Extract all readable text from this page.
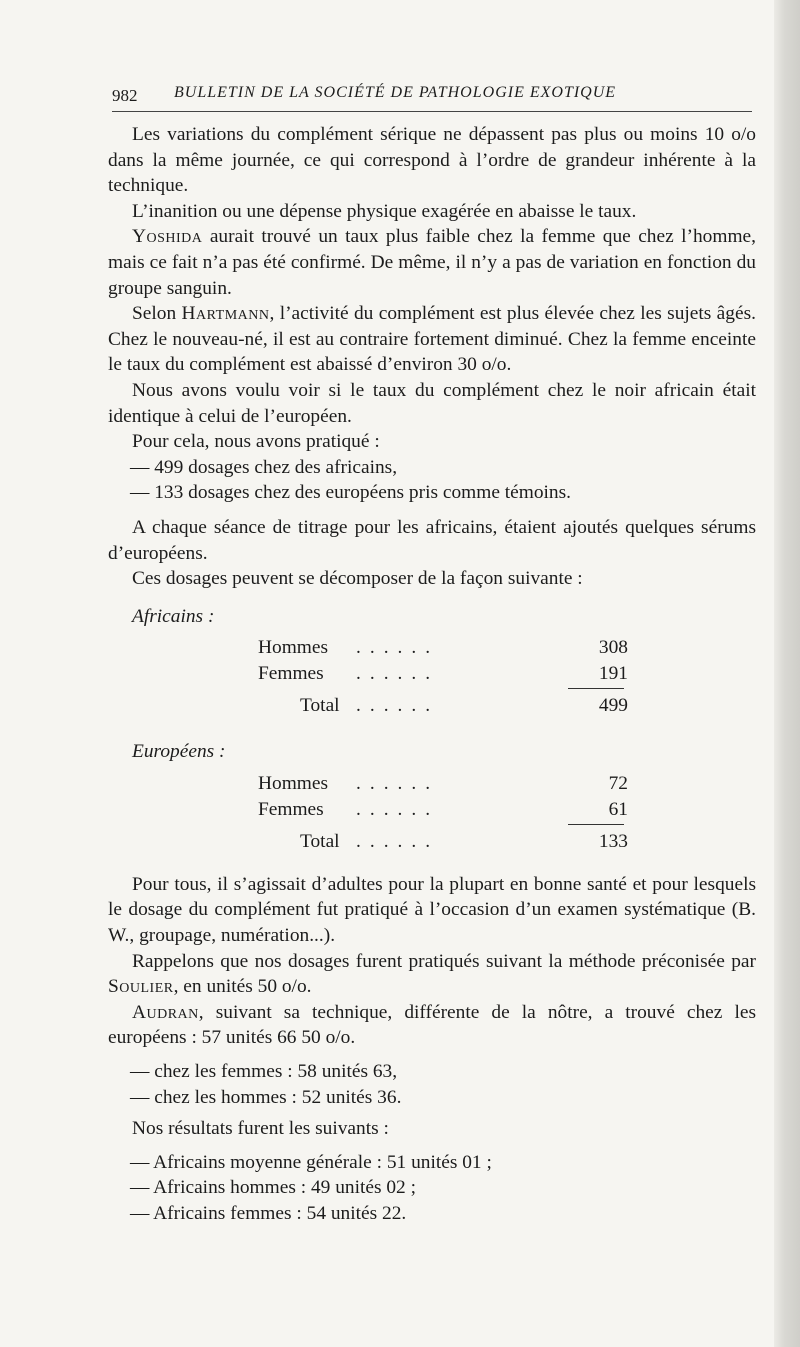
982 BULLETIN DE LA SOCIÉTÉ DE PATHOLOGIE EXOTIQUE

Les variations du complément sérique ne dépassent pas plus ou moins 10 o/o dans la même journée, ce qui correspond à l’ordre de grandeur inhérente à la technique.

L’inanition ou une dépense physique exagérée en abaisse le taux.

Yoshida aurait trouvé un taux plus faible chez la femme que chez l’homme, mais ce fait n’a pas été confirmé. De même, il n’y a pas de variation en fonction du groupe sanguin.

Selon Hartmann, l’activité du complément est plus élevée chez les sujets âgés. Chez le nouveau-né, il est au contraire fortement diminué. Chez la femme enceinte le taux du complément est abaissé d’environ 30 o/o.

Nous avons voulu voir si le taux du complément chez le noir africain était identique à celui de l’européen.

Pour cela, nous avons pratiqué :

— 499 dosages chez des africains,

— 133 dosages chez des européens pris comme témoins.

A chaque séance de titrage pour les africains, étaient ajoutés quelques sérums d’européens.

Ces dosages peuvent se décomposer de la façon suivante :

Africains :
Hommes ......	308
Femmes ......	191
Total ......	499
Européens :
Hommes ......	72
Femmes ......	61
Total ......	133

Pour tous, il s’agissait d’adultes pour la plupart en bonne santé et pour lesquels le dosage du complément fut pratiqué à l’occasion d’un examen systématique (B. W., groupage, numération...).

Rappelons que nos dosages furent pratiqués suivant la méthode préconisée par Soulier, en unités 50 o/o.

Audran, suivant sa technique, différente de la nôtre, a trouvé chez les européens : 57 unités 66 50 o/o.

— chez les femmes : 58 unités 63,

— chez les hommes : 52 unités 36.

Nos résultats furent les suivants :

— Africains moyenne générale : 51 unités 01 ;

— Africains hommes : 49 unités 02 ;

— Africains femmes : 54 unités 22.
